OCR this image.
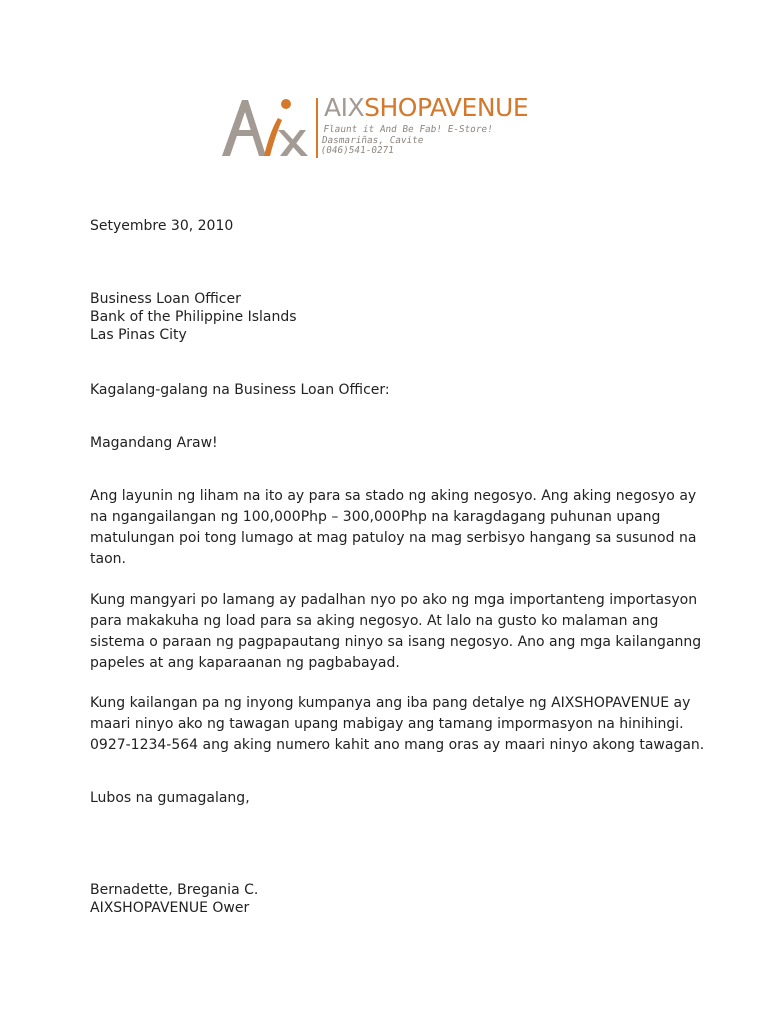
AIXSHOPAVENUE
Flaunt it And Be Fab! E-Store!
Dasmariñas, Cavite
(046)541-0271
Setyembre 30, 2010
Business Loan Officer
Bank of the Philippine Islands
Las Pinas City
Kagalang-galang na Business Loan Officer:
Magandang Araw!
Ang layunin ng liham na ito ay para sa stado ng aking negosyo. Ang aking negosyo ay
na ngangailangan ng 100,000Php – 300,000Php na karagdagang puhunan upang
matulungan poi tong lumago at mag patuloy na mag serbisyo hangang sa susunod na
taon.
Kung mangyari po lamang ay padalhan nyo po ako ng mga importanteng importasyon
para makakuha ng load para sa aking negosyo. At lalo na gusto ko malaman ang
sistema o paraan ng pagpapautang ninyo sa isang negosyo. Ano ang mga kailanganng
papeles at ang kaparaanan ng pagbabayad.
Kung kailangan pa ng inyong kumpanya ang iba pang detalye ng AIXSHOPAVENUE ay
maari ninyo ako ng tawagan upang mabigay ang tamang impormasyon na hinihingi.
0927-1234-564 ang aking numero kahit ano mang oras ay maari ninyo akong tawagan.
Lubos na gumagalang,
Bernadette, Bregania C.
AIXSHOPAVENUE Ower
